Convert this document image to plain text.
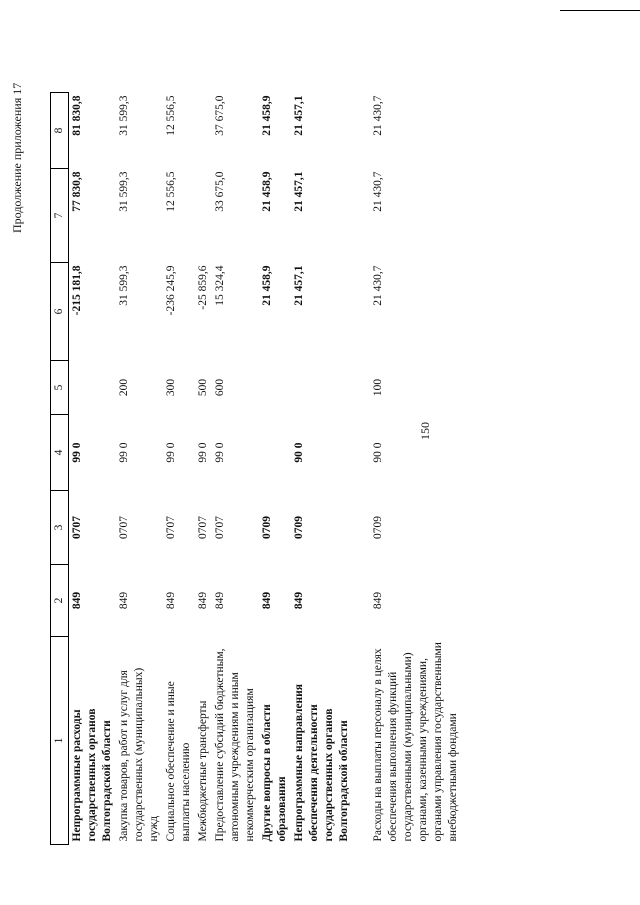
150
Продолжение приложения 17
1	2	3	4	5	6	7	8
Непрограммные расходы государственных органов Волгоградской области	849	0707	99 0		-215 181,8	77 830,8	81 830,8
Закупка товаров, работ и услуг для государственных (муниципальных) нужд	849	0707	99 0	200	31 599,3	31 599,3	31 599,3
Социальное обеспечение и иные выплаты населению	849	0707	99 0	300	-236 245,9	12 556,5	12 556,5
Межбюджетные трансферты	849	0707	99 0	500	-25 859,6		
Предоставление субсидий бюджетным, автономным учреждениям и иным некоммерческим организациям	849	0707	99 0	600	15 324,4	33 675,0	37 675,0
Другие вопросы в области образования	849	0709			21 458,9	21 458,9	21 458,9
Непрограммные направления обеспечения деятельности государственных органов Волгоградской области	849	0709	90 0		21 457,1	21 457,1	21 457,1
Расходы на выплаты персоналу в целях обеспечения выполнения функций государственными (муниципальными) органами, казенными учреждениями, органами управления государственными внебюджетными фондами	849	0709	90 0	100	21 430,7	21 430,7	21 430,7
